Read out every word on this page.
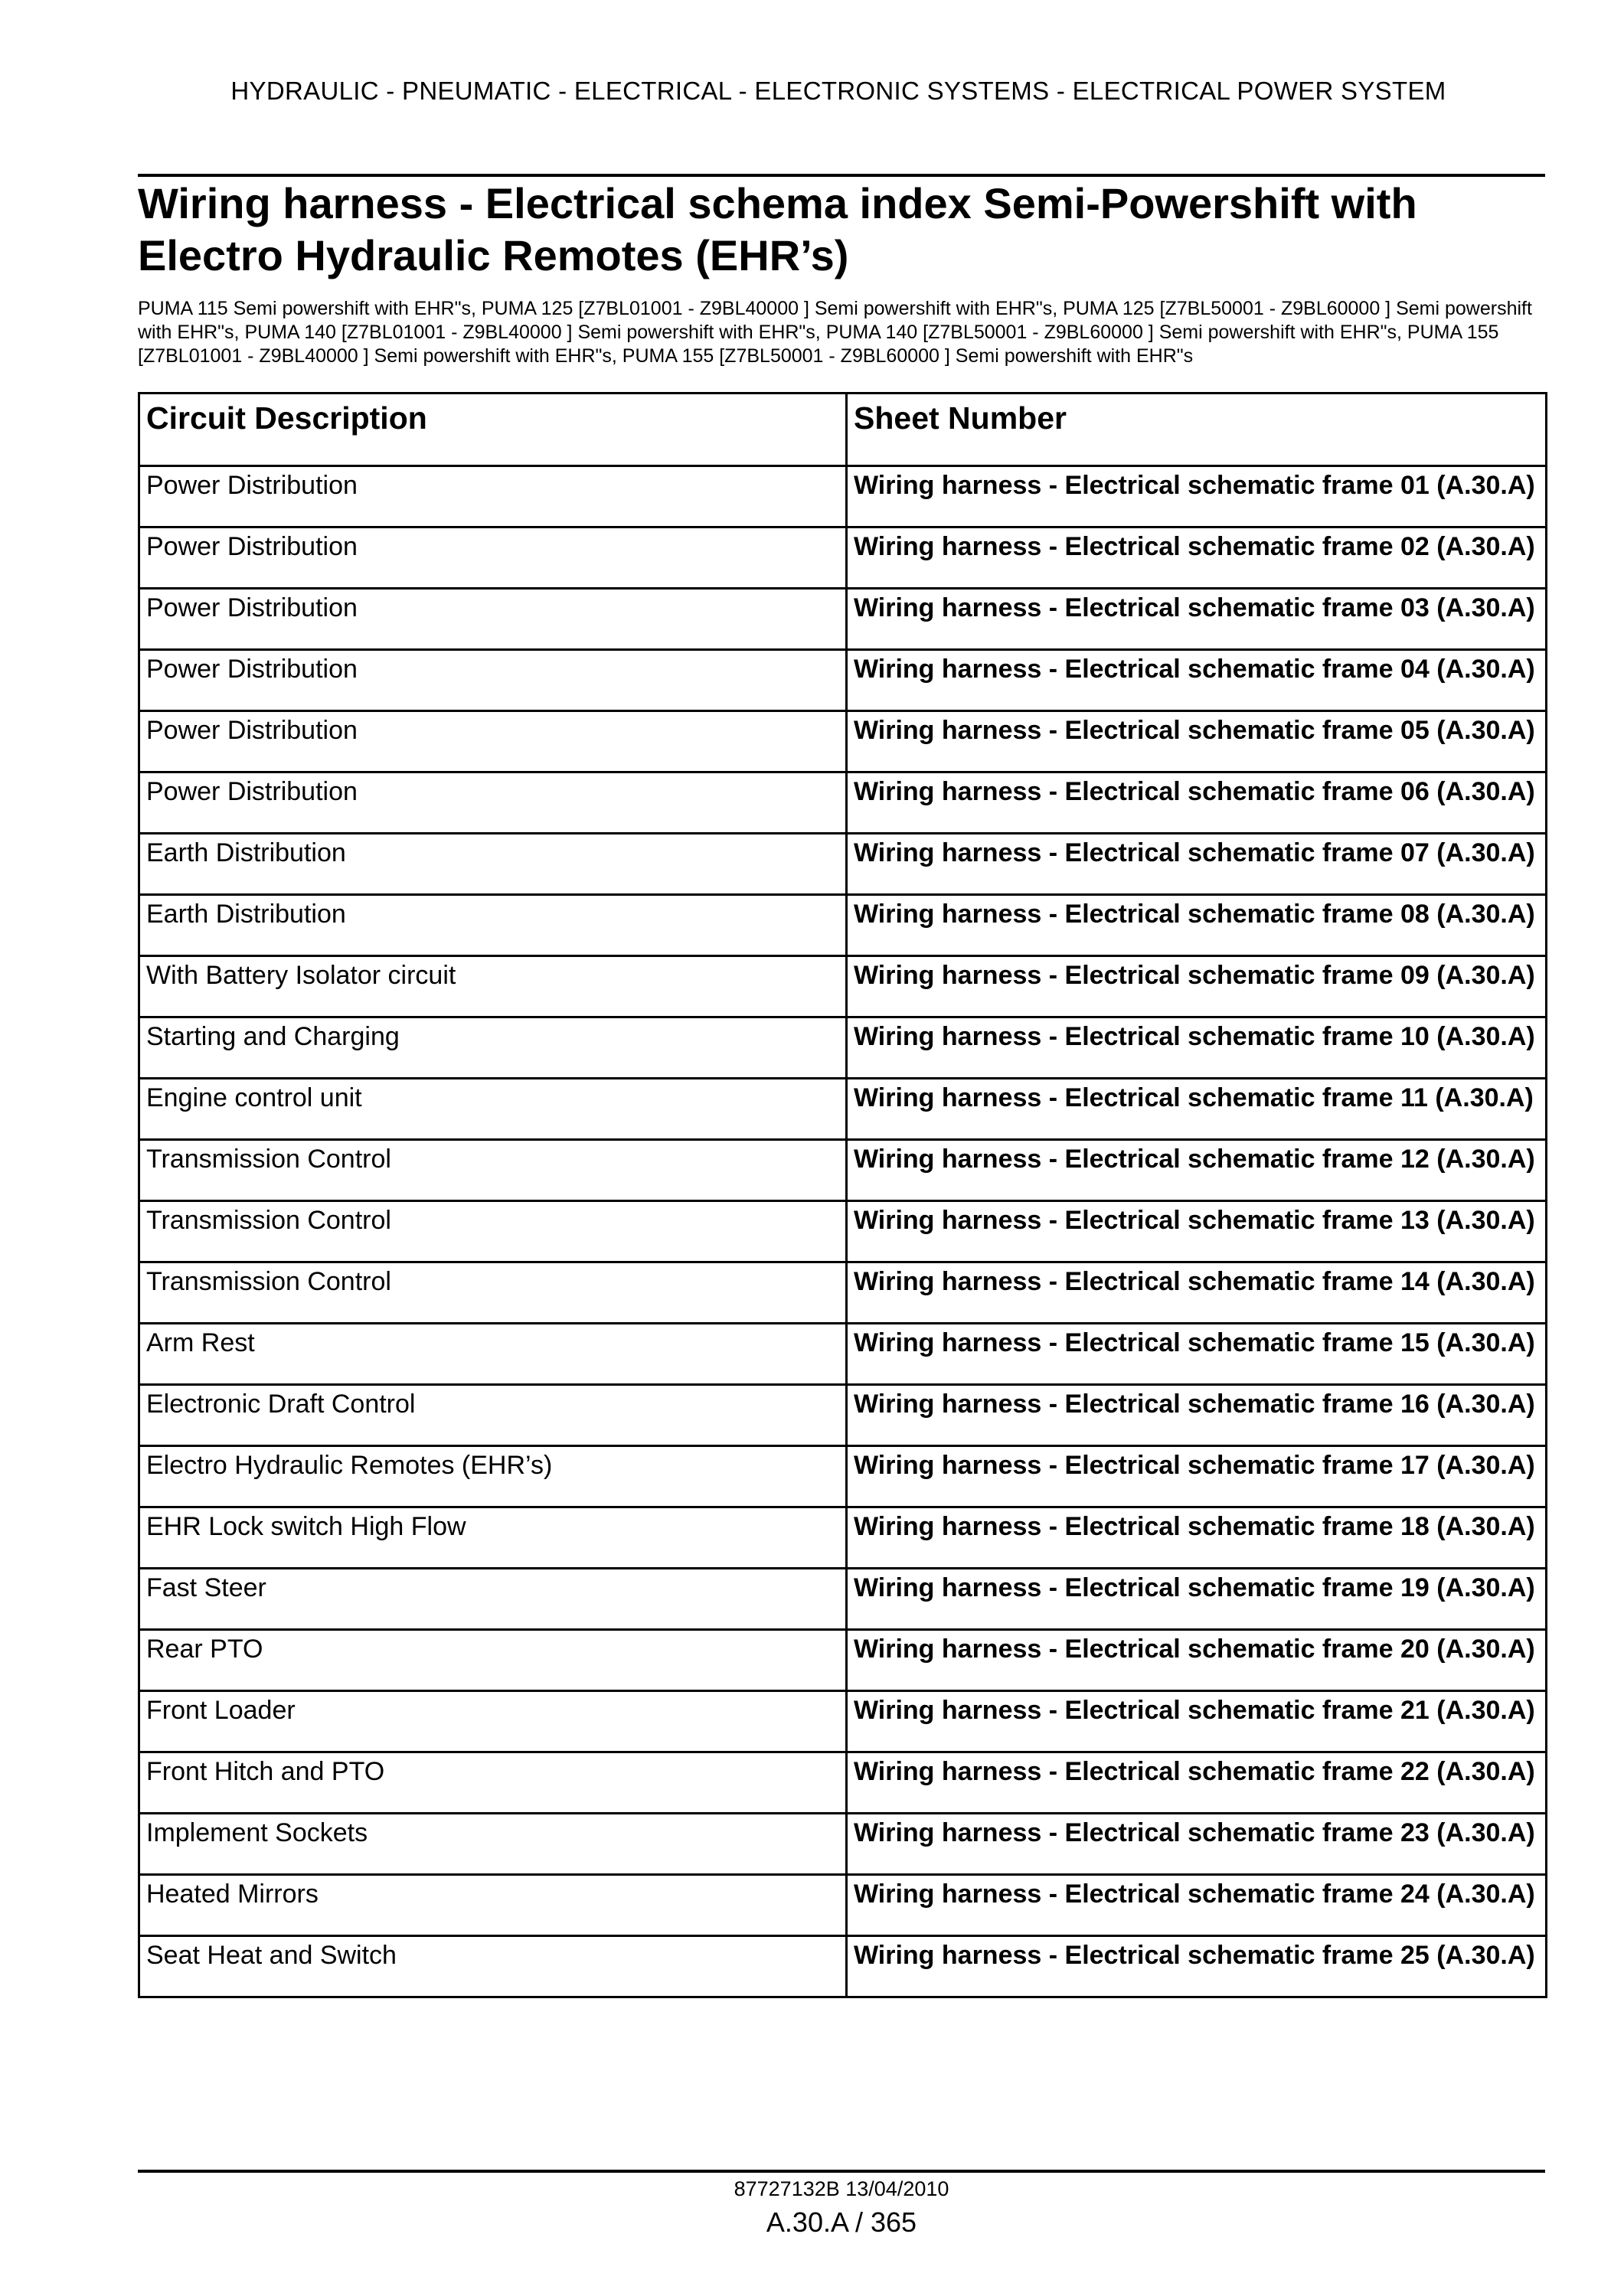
HYDRAULIC - PNEUMATIC - ELECTRICAL - ELECTRONIC SYSTEMS - ELECTRICAL POWER SYSTEM
Wiring harness - Electrical schema index Semi-Powershift with Electro Hydraulic Remotes (EHR’s)

PUMA 115 Semi powershift with EHR"s, PUMA 125 [Z7BL01001 - Z9BL40000 ] Semi powershift with EHR"s, PUMA 125 [Z7BL50001 - Z9BL60000 ] Semi powershift with EHR"s, PUMA 140 [Z7BL01001 - Z9BL40000 ] Semi powershift with EHR"s, PUMA 140 [Z7BL50001 - Z9BL60000 ] Semi powershift with EHR"s, PUMA 155 [Z7BL01001 - Z9BL40000 ] Semi powershift with EHR"s, PUMA 155 [Z7BL50001 - Z9BL60000 ] Semi powershift with EHR"s

Circuit Description	Sheet Number
Power Distribution	Wiring harness - Electrical schematic frame 01 (A.30.A)
Power Distribution	Wiring harness - Electrical schematic frame 02 (A.30.A)
Power Distribution	Wiring harness - Electrical schematic frame 03 (A.30.A)
Power Distribution	Wiring harness - Electrical schematic frame 04 (A.30.A)
Power Distribution	Wiring harness - Electrical schematic frame 05 (A.30.A)
Power Distribution	Wiring harness - Electrical schematic frame 06 (A.30.A)
Earth Distribution	Wiring harness - Electrical schematic frame 07 (A.30.A)
Earth Distribution	Wiring harness - Electrical schematic frame 08 (A.30.A)
With Battery Isolator circuit	Wiring harness - Electrical schematic frame 09 (A.30.A)
Starting and Charging	Wiring harness - Electrical schematic frame 10 (A.30.A)
Engine control unit	Wiring harness - Electrical schematic frame 11 (A.30.A)
Transmission Control	Wiring harness - Electrical schematic frame 12 (A.30.A)
Transmission Control	Wiring harness - Electrical schematic frame 13 (A.30.A)
Transmission Control	Wiring harness - Electrical schematic frame 14 (A.30.A)
Arm Rest	Wiring harness - Electrical schematic frame 15 (A.30.A)
Electronic Draft Control	Wiring harness - Electrical schematic frame 16 (A.30.A)
Electro Hydraulic Remotes (EHR’s)	Wiring harness - Electrical schematic frame 17 (A.30.A)
EHR Lock switch High Flow	Wiring harness - Electrical schematic frame 18 (A.30.A)
Fast Steer	Wiring harness - Electrical schematic frame 19 (A.30.A)
Rear PTO	Wiring harness - Electrical schematic frame 20 (A.30.A)
Front Loader	Wiring harness - Electrical schematic frame 21 (A.30.A)
Front Hitch and PTO	Wiring harness - Electrical schematic frame 22 (A.30.A)
Implement Sockets	Wiring harness - Electrical schematic frame 23 (A.30.A)
Heated Mirrors	Wiring harness - Electrical schematic frame 24 (A.30.A)
Seat Heat and Switch	Wiring harness - Electrical schematic frame 25 (A.30.A)
87727132B 13/04/2010
A.30.A / 365
